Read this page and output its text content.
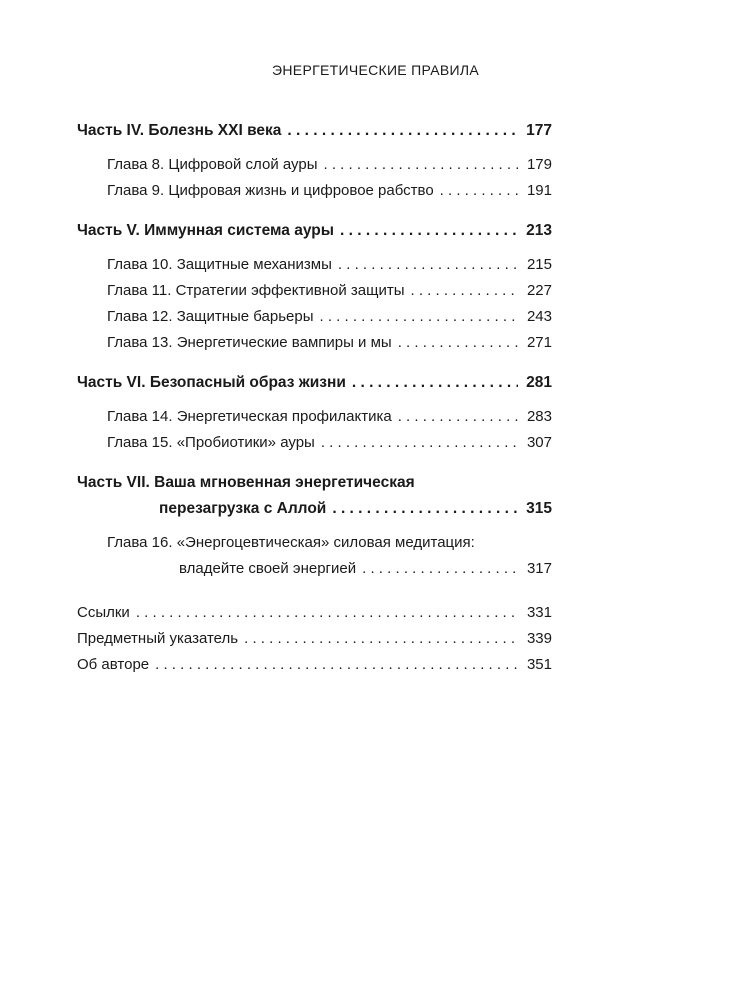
ЭНЕРГЕТИЧЕСКИЕ ПРАВИЛА
Часть IV. Болезнь XXI века . . .	177
Глава 8. Цифровой слой ауры . . .	179
Глава 9. Цифровая жизнь и цифровое рабство . . .	191
Часть V. Иммунная система ауры . . .	213
Глава 10. Защитные механизмы . . .	215
Глава 11. Стратегии эффективной защиты . . .	227
Глава 12. Защитные барьеры . . .	243
Глава 13. Энергетические вампиры и мы . . .	271
Часть VI. Безопасный образ жизни . . .	281
Глава 14. Энергетическая профилактика . . .	283
Глава 15. «Пробиотики» ауры . . .	307
Часть VII. Ваша мгновенная энергетическая
перезагрузка с Аллой . . .	315
Глава 16. «Энергоцевтическая» силовая медитация:
владейте своей энергией . . .	317
Ссылки . . .	331
Предметный указатель . . .	339
Об авторе . . .	351
